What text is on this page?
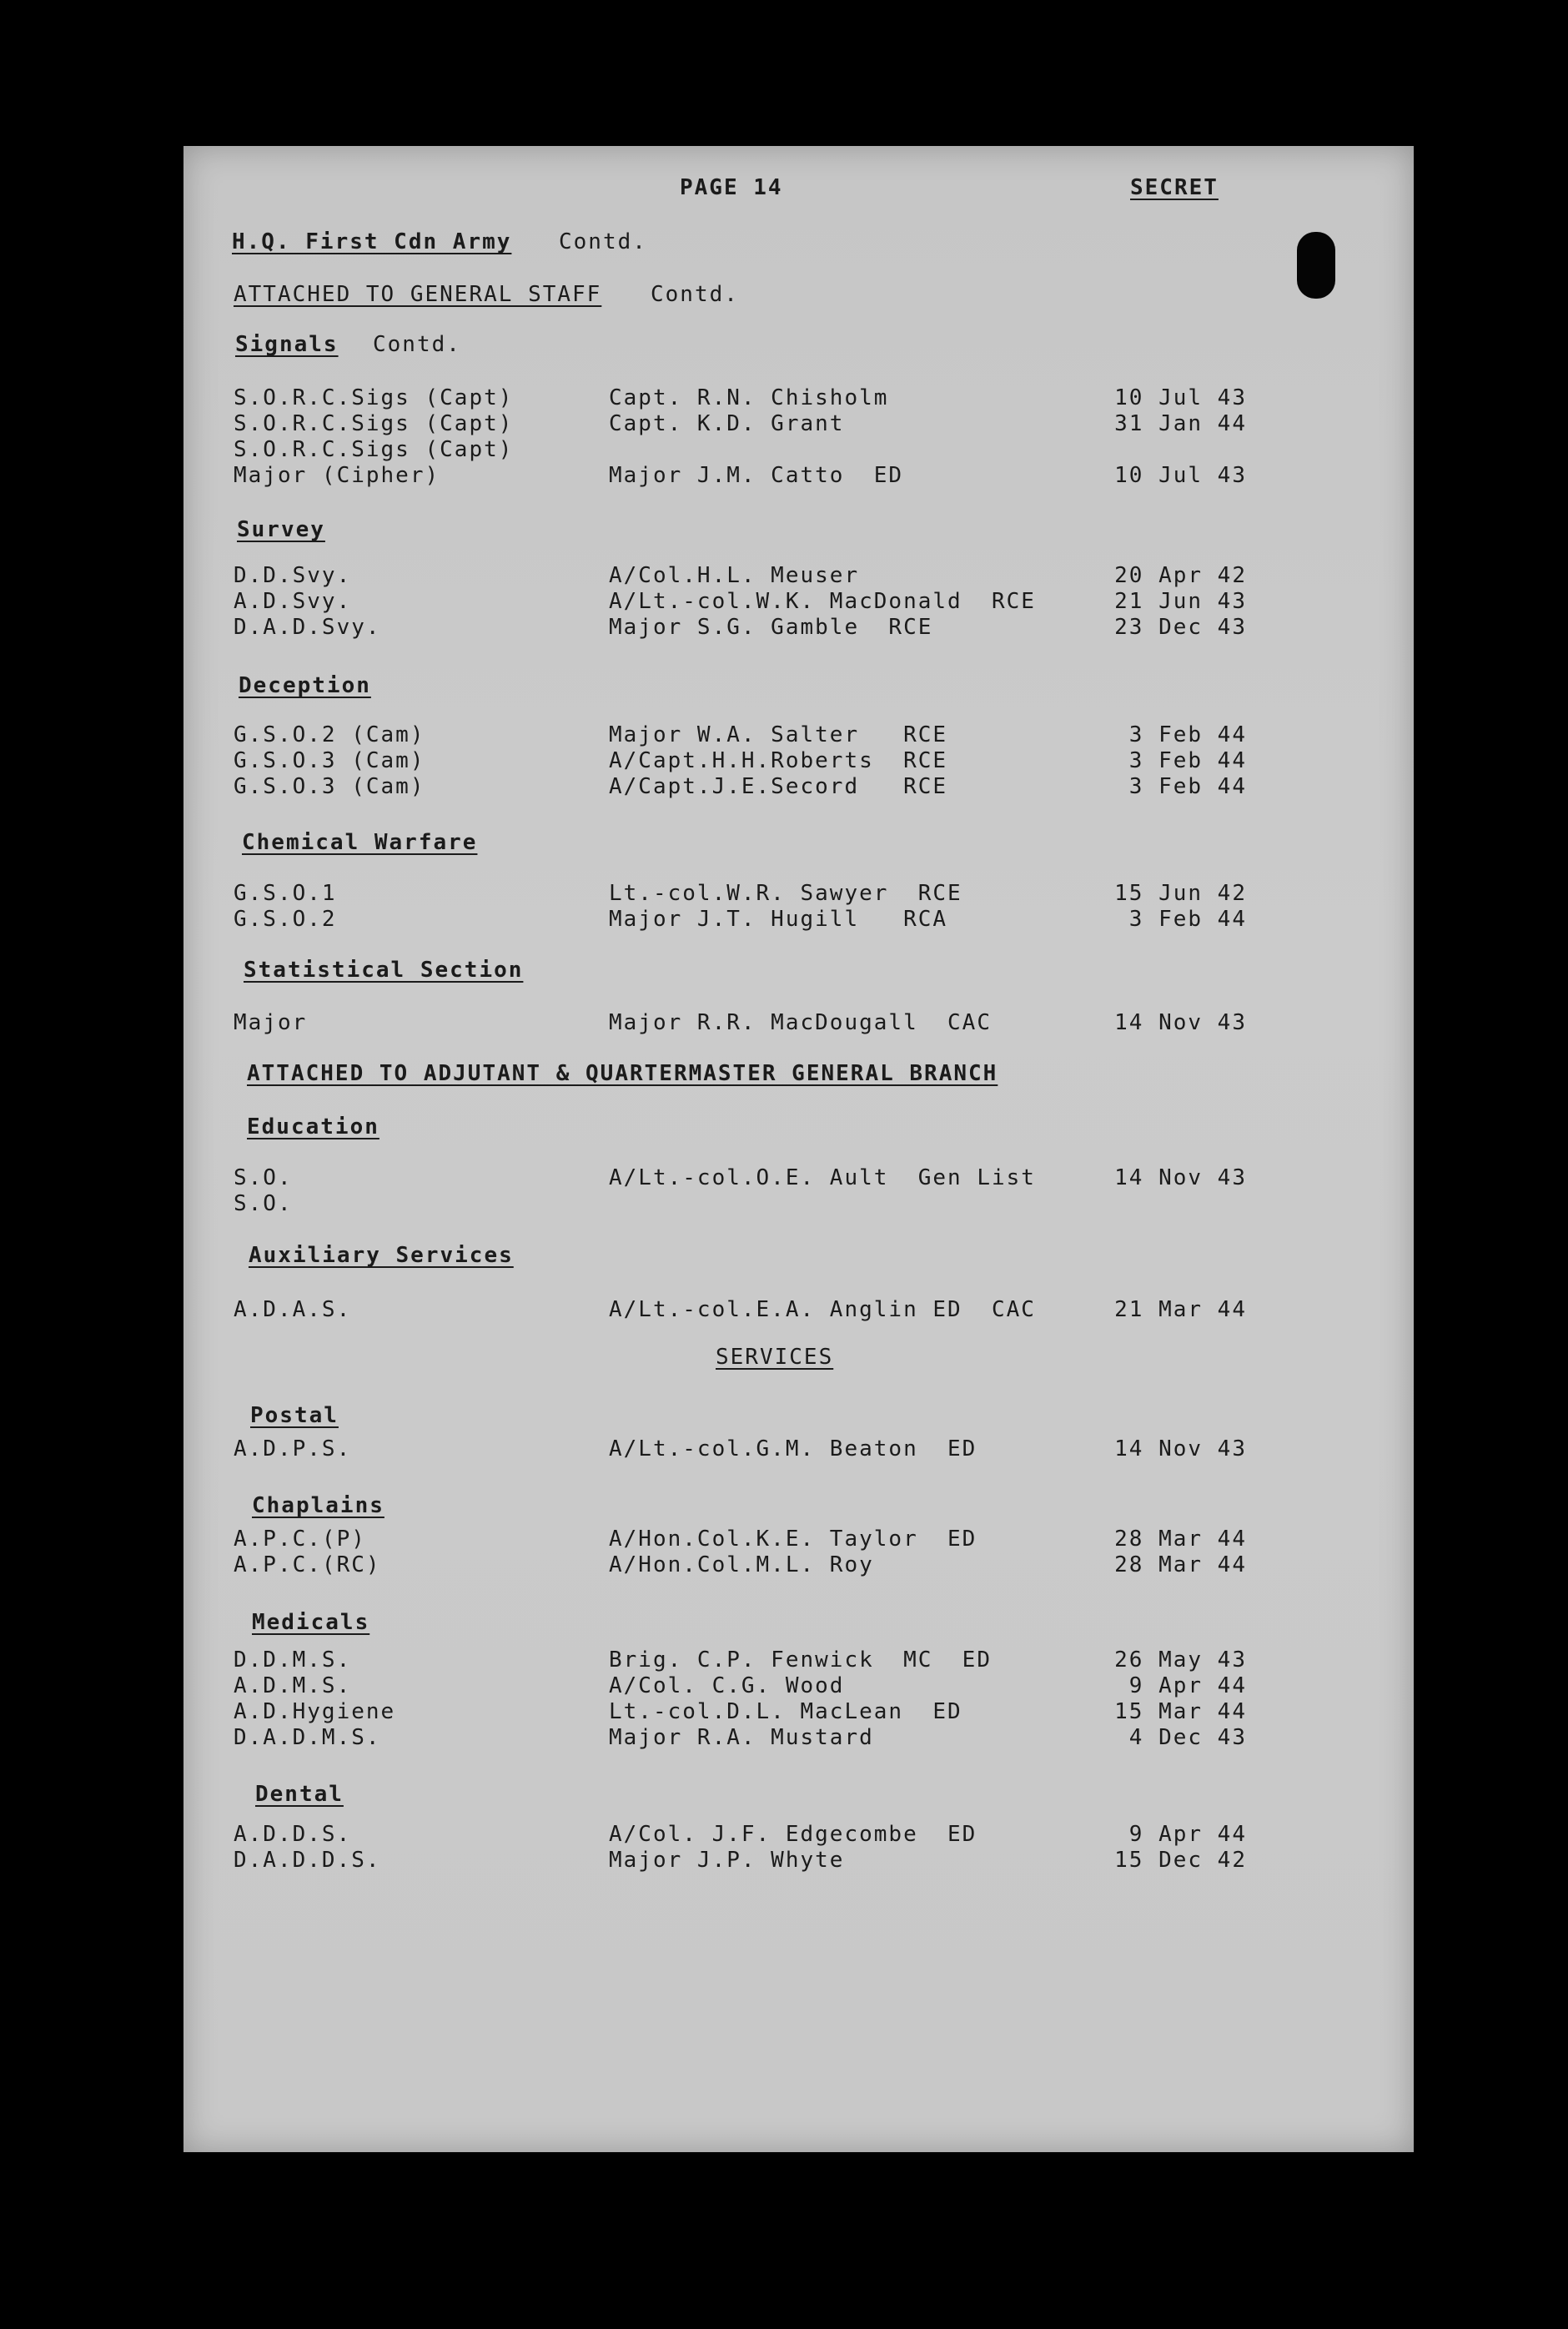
PAGE 14	SECRET
H.Q. First Cdn Army Contd.
ATTACHED TO GENERAL STAFF Contd.
Signals Contd.
S.O.R.C.Sigs (Capt)	Capt. R.N. Chisholm	10 Jul 43
S.O.R.C.Sigs (Capt)	Capt. K.D. Grant	31 Jan 44
S.O.R.C.Sigs (Capt)
Major (Cipher)	Major J.M. Catto  ED	10 Jul 43
Survey
D.D.Svy.	A/Col.H.L. Meuser	20 Apr 42
A.D.Svy.	A/Lt.-col.W.K. MacDonald  RCE	21 Jun 43
D.A.D.Svy.	Major S.G. Gamble  RCE	23 Dec 43
Deception
G.S.O.2 (Cam)	Major W.A. Salter   RCE	3 Feb 44
G.S.O.3 (Cam)	A/Capt.H.H.Roberts  RCE	3 Feb 44
G.S.O.3 (Cam)	A/Capt.J.E.Secord   RCE	3 Feb 44
Chemical Warfare
G.S.O.1	Lt.-col.W.R. Sawyer  RCE	15 Jun 42
G.S.O.2	Major J.T. Hugill   RCA	3 Feb 44
Statistical Section
Major	Major R.R. MacDougall  CAC	14 Nov 43
ATTACHED TO ADJUTANT & QUARTERMASTER GENERAL BRANCH
Education
S.O.	A/Lt.-col.O.E. Ault  Gen List	14 Nov 43
S.O.
Auxiliary Services
A.D.A.S.	A/Lt.-col.E.A. Anglin ED  CAC	21 Mar 44
SERVICES
Postal
A.D.P.S.	A/Lt.-col.G.M. Beaton  ED	14 Nov 43
Chaplains
A.P.C.(P)	A/Hon.Col.K.E. Taylor  ED	28 Mar 44
A.P.C.(RC)	A/Hon.Col.M.L. Roy	28 Mar 44
Medicals
D.D.M.S.	Brig. C.P. Fenwick  MC  ED	26 May 43
A.D.M.S.	A/Col. C.G. Wood	9 Apr 44
A.D.Hygiene	Lt.-col.D.L. MacLean  ED	15 Mar 44
D.A.D.M.S.	Major R.A. Mustard	4 Dec 43
Dental
A.D.D.S.	A/Col. J.F. Edgecombe  ED	9 Apr 44
D.A.D.D.S.	Major J.P. Whyte	15 Dec 42
